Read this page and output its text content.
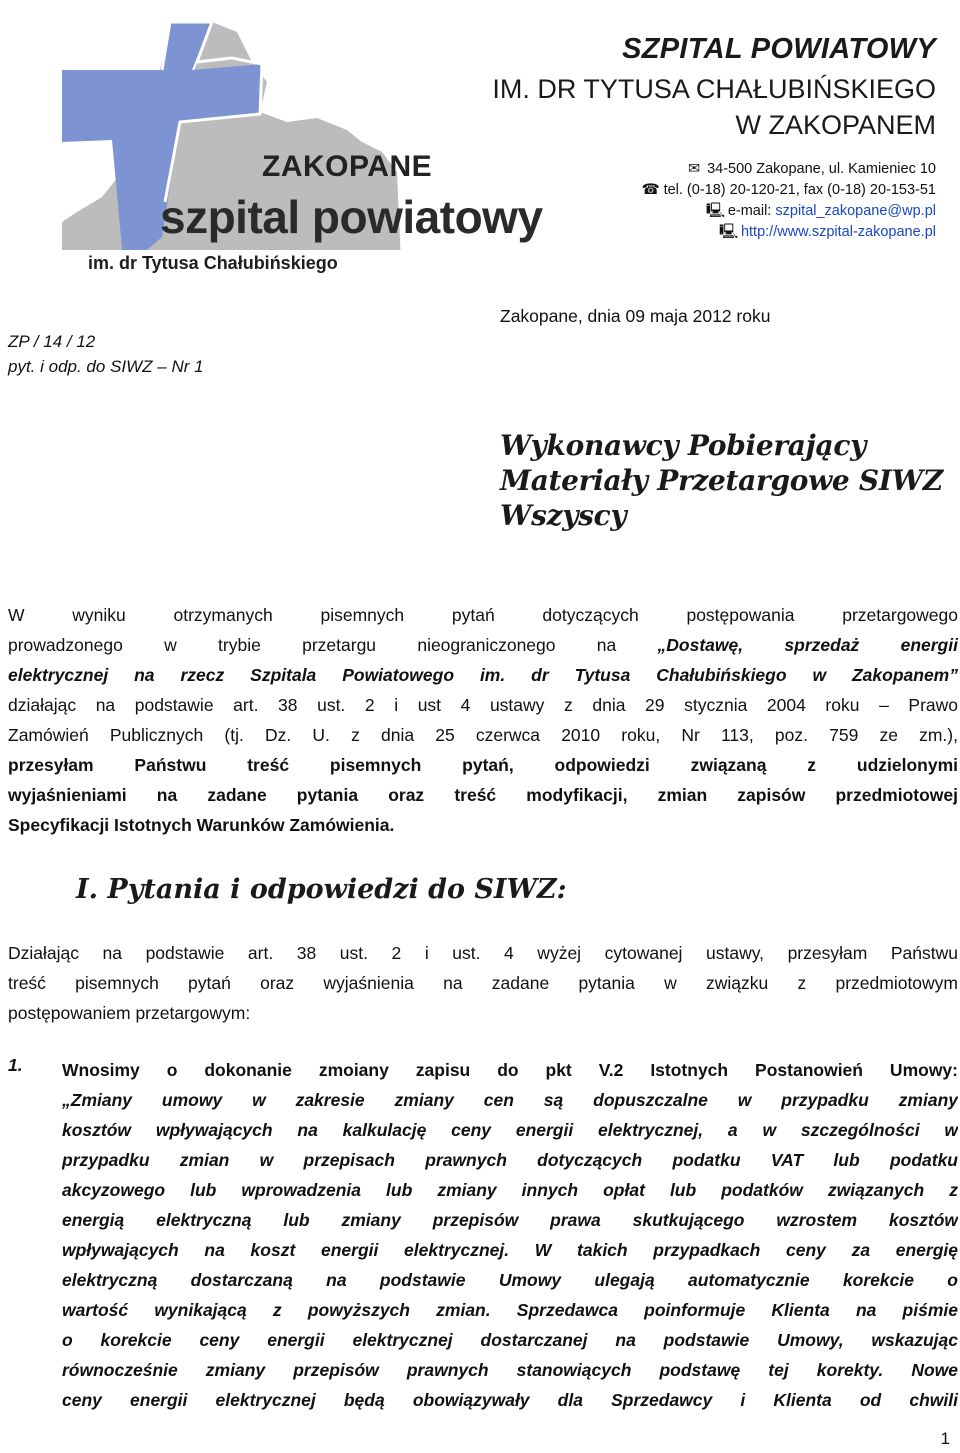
ZAKOPANE
szpital powiatowy
im. dr Tytusa Chałubińskiego
SZPITAL POWIATOWY
IM. DR TYTUSA CHAŁUBIŃSKIEGO
W ZAKOPANEM
✉ 34-500 Zakopane, ul. Kamieniec 10
☎ tel. (0-18) 20-120-21, fax (0-18) 20-153-51
🖳 e-mail: szpital_zakopane@wp.pl
🖳 http://www.szpital-zakopane.pl
ZP / 14 / 12
pyt. i odp. do SIWZ – Nr 1
Zakopane, dnia 09 maja 2012 roku
Wykonawcy Pobierający
Materiały Przetargowe SIWZ
Wszyscy
W wyniku otrzymanych pisemnych pytań dotyczących postępowania przetargowego
prowadzonego w trybie przetargu nieograniczonego na „Dostawę, sprzedaż energii
elektrycznej na rzecz Szpitala Powiatowego im. dr Tytusa Chałubińskiego w Zakopanem”
działając na podstawie art. 38 ust. 2 i ust 4 ustawy z dnia 29 stycznia 2004 roku – Prawo
Zamówień Publicznych (tj. Dz. U. z dnia 25 czerwca 2010 roku, Nr 113, poz. 759 ze zm.),
przesyłam Państwu treść pisemnych pytań, odpowiedzi związaną z udzielonymi
wyjaśnieniami na zadane pytania oraz treść modyfikacji, zmian zapisów przedmiotowej
Specyfikacji Istotnych Warunków Zamówienia.
I. Pytania i odpowiedzi do SIWZ:
Działając na podstawie art. 38 ust. 2 i ust. 4 wyżej cytowanej ustawy, przesyłam Państwu
treść pisemnych pytań oraz wyjaśnienia na zadane pytania w związku z przedmiotowym
postępowaniem przetargowym:
1. Wnosimy o dokonanie zmoiany zapisu do pkt V.2 Istotnych Postanowień Umowy:
„Zmiany umowy w zakresie zmiany cen są dopuszczalne w przypadku zmiany
kosztów wpływających na kalkulację ceny energii elektrycznej, a w szczególności w
przypadku zmian w przepisach prawnych dotyczących podatku VAT lub podatku
akcyzowego lub wprowadzenia lub zmiany innych opłat lub podatków związanych z
energią elektryczną lub zmiany przepisów prawa skutkującego wzrostem kosztów
wpływających na koszt energii elektrycznej. W takich przypadkach ceny za energię
elektryczną dostarczaną na podstawie Umowy ulegają automatycznie korekcie o
wartość wynikającą z powyższych zmian. Sprzedawca poinformuje Klienta na piśmie
o korekcie ceny energii elektrycznej dostarczanej na podstawie Umowy, wskazując
równocześnie zmiany przepisów prawnych stanowiących podstawę tej korekty. Nowe
ceny energii elektrycznej będą obowiązywały dla Sprzedawcy i Klienta od chwili
1
